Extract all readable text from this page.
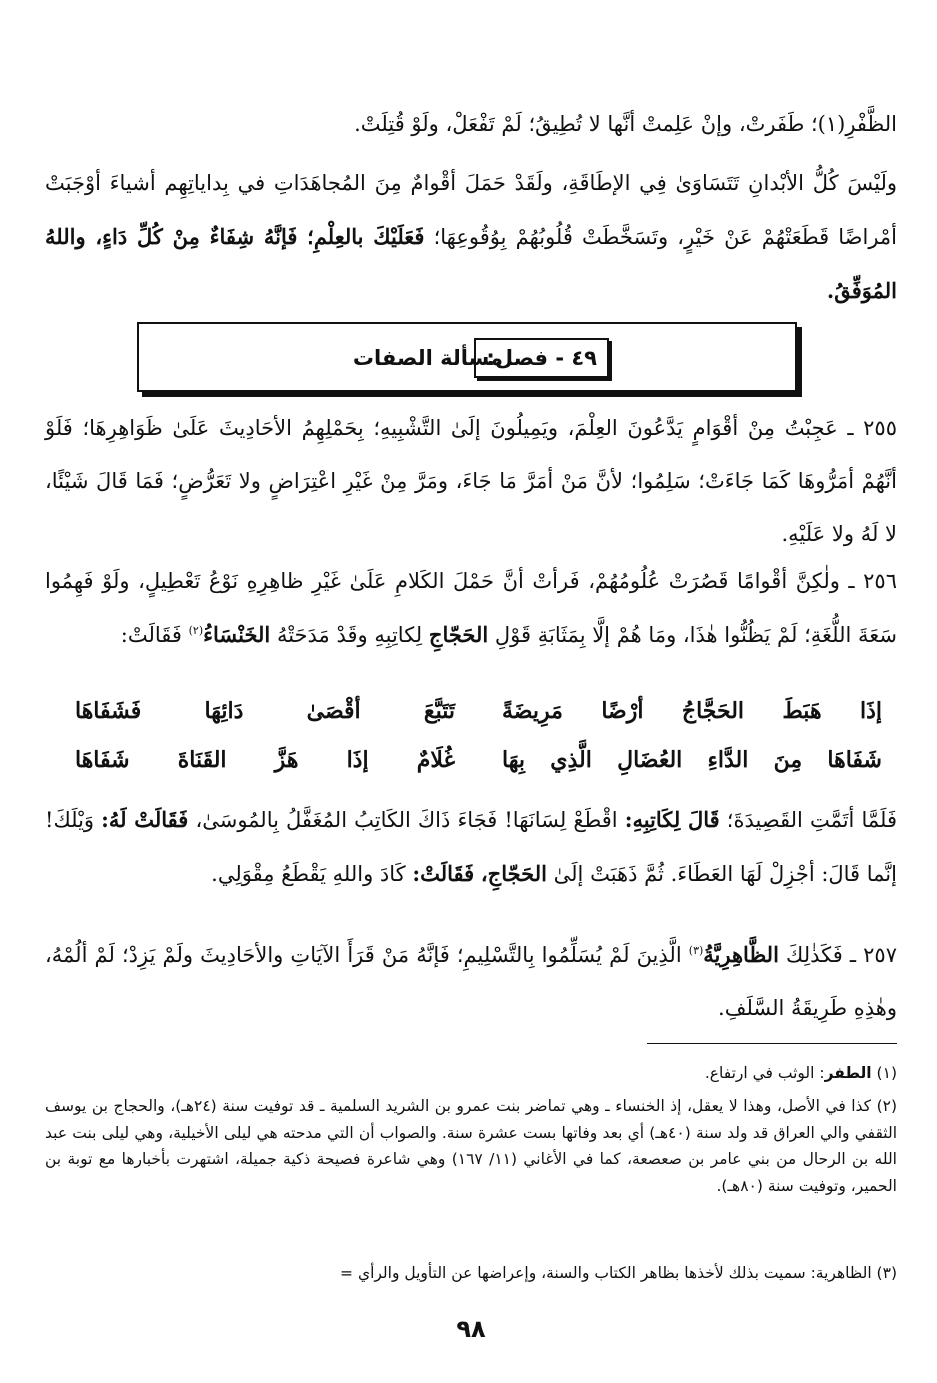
الظَّفْرِ(١)؛ طَفَرتْ، وإنْ عَلِمتْ أنَّها لا تُطِيقُ؛ لَمْ تَفْعَلْ، ولَوْ قُتِلَتْ.
ولَيْسَ كُلُّ الأبْدانِ تَتَسَاوَىٰ فِي الإطَاقَةِ، ولَقَدْ حَمَلَ أقْوامٌ مِنَ المُجاهَدَاتِ في بِداياتِهِم أشياءَ أوْجَبَتْ أمْراضًا قَطَعَتْهُمْ عَنْ خَيْرٍ، وتَسَخَّطَتْ قُلُوبُهُمْ بِوُقُوعِهَا؛ فَعَلَيْكَ بالعِلْمِ؛ فَإنَّهُ شِفَاءٌ مِنْ كُلِّ دَاءٍ، واللهُ المُوَفِّقُ.
٤٩ - فصل:
مسألة الصفات
٢٥٥ ـ عَجِبْتُ مِنْ أقْوَامٍ يَدَّعُونَ العِلْمَ، ويَمِيلُونَ إلَىٰ التَّشْبِيهِ؛ بِحَمْلِهِمُ الأحَادِيثَ عَلَىٰ ظَوَاهِرِهَا؛ فَلَوْ أنَّهُمْ أمَرُّوهَا كَمَا جَاءَتْ؛ سَلِمُوا؛ لأنَّ مَنْ أمَرَّ مَا جَاءَ، ومَرَّ مِنْ غَيْرِ اعْتِرَاضٍ ولا تَعَرُّضٍ؛ فَمَا قَالَ شَيْئًا، لا لَهُ ولا عَلَيْهِ.
٢٥٦ ـ ولٰكِنَّ أقْوامًا قَصُرَتْ عُلُومُهُمْ، فَرأتْ أنَّ حَمْلَ الكَلامِ عَلَىٰ غَيْرِ ظاهِرِهِ نَوْعُ تَعْطِيلٍ، ولَوْ فَهِمُوا سَعَةَ اللُّغَةِ؛ لَمْ يَظُنُّوا هٰذَا، ومَا هُمْ إلَّا بِمَثَابَةِ قَوْلِ الحَجّاجِ لِكاتِبِهِ وقَدْ مَدَحَتْهُ الخَنْسَاءُ$^{(٢)}$ فَقَالَتْ:
إذَا هَبَطَ الحَجَّاجُ أرْضًا مَرِيضَةً
تَتَبَّعَ أقْصَىٰ دَائِهَا فَشَفَاهَا
شَفَاهَا مِنَ الدَّاءِ العُضَالِ الَّذِي بِهَا
غُلَامٌ إذَا هَزَّ القَنَاةَ شَفَاهَا
فَلَمَّا أتَمَّتِ القَصِيدَةَ؛ قَالَ لِكَاتِبِهِ: اقْطَعْ لِسَانَهَا! فَجَاءَ ذَاكَ الكَاتِبُ المُغَفَّلُ بِالمُوسَىٰ، فَقَالَتْ لَهُ: وَيْلَكَ! إنَّما قَالَ: أجْزِلْ لَهَا العَطَاءَ. ثُمَّ ذَهَبَتْ إلَىٰ الحَجّاجِ، فَقَالَتْ: كَادَ واللهِ يَقْطَعُ مِقْوَلِي.
٢٥٧ ـ فَكَذٰلِكَ الظَّاهِرِيَّةُ$^{(٣)}$ الَّذِينَ لَمْ يُسَلِّمُوا بِالتَّسْلِيمِ؛ فَإنَّهُ مَنْ قَرَأَ الآيَاتِ والأحَادِيثَ ولَمْ يَزِدْ؛ لَمْ ألُمْهُ، وهٰذِهِ طَرِيقَةُ السَّلَفِ.
(١) الطفر: الوثب في ارتفاع.
(٢) كذا في الأصل، وهذا لا يعقل، إذ الخنساء ـ وهي تماضر بنت عمرو بن الشريد السلمية ـ قد توفيت سنة (٢٤هـ)، والحجاج بن يوسف الثقفي والي العراق قد ولد سنة (٤٠هـ) أي بعد وفاتها بست عشرة سنة. والصواب أن التي مدحته هي ليلى الأخيلية، وهي ليلى بنت عبد الله بن الرحال من بني عامر بن صعصعة، كما في الأغاني (١١/ ١٦٧) وهي شاعرة فصيحة ذكية جميلة، اشتهرت بأخبارها مع توبة بن الحمير، وتوفيت سنة (٨٠هـ).
(٣) الظاهرية: سميت بذلك لأخذها بظاهر الكتاب والسنة، وإعراضها عن التأويل والرأي =
٩٨
